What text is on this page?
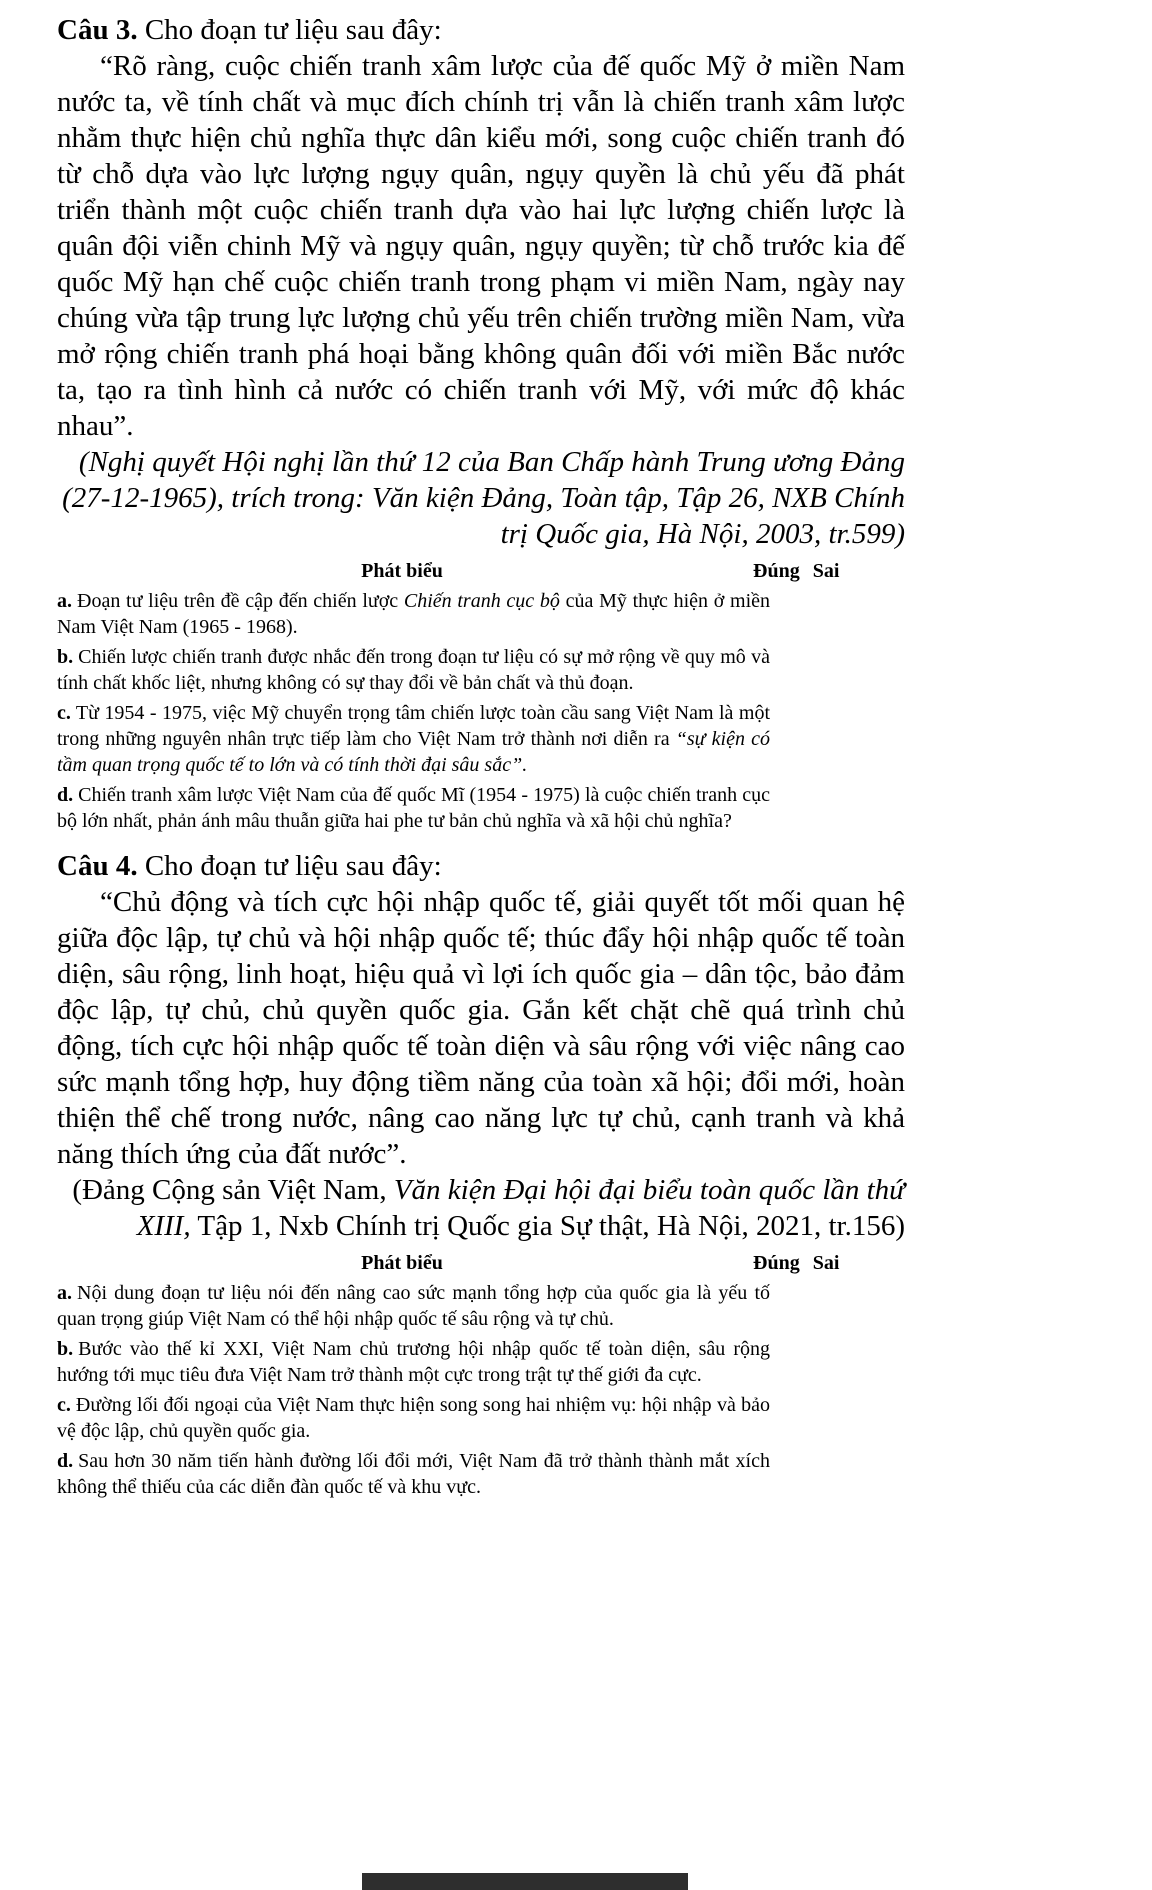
Câu 3. Cho đoạn tư liệu sau đây:

“Rõ ràng, cuộc chiến tranh xâm lược của đế quốc Mỹ ở miền Nam nước ta, về tính chất và mục đích chính trị vẫn là chiến tranh xâm lược nhằm thực hiện chủ nghĩa thực dân kiểu mới, song cuộc chiến tranh đó từ chỗ dựa vào lực lượng ngụy quân, ngụy quyền là chủ yếu đã phát triển thành một cuộc chiến tranh dựa vào hai lực lượng chiến lược là quân đội viễn chinh Mỹ và ngụy quân, ngụy quyền; từ chỗ trước kia đế quốc Mỹ hạn chế cuộc chiến tranh trong phạm vi miền Nam, ngày nay chúng vừa tập trung lực lượng chủ yếu trên chiến trường miền Nam, vừa mở rộng chiến tranh phá hoại bằng không quân đối với miền Bắc nước ta, tạo ra tình hình cả nước có chiến tranh với Mỹ, với mức độ khác nhau”.

(Nghị quyết Hội nghị lần thứ 12 của Ban Chấp hành Trung ương Đảng (27-12-1965), trích trong: Văn kiện Đảng, Toàn tập, Tập 26, NXB Chính trị Quốc gia, Hà Nội, 2003, tr.599)

Phát biểu	Đúng Sai

a. Đoạn tư liệu trên đề cập đến chiến lược Chiến tranh cục bộ của Mỹ thực hiện ở miền Nam Việt Nam (1965 - 1968).

b. Chiến lược chiến tranh được nhắc đến trong đoạn tư liệu có sự mở rộng về quy mô và tính chất khốc liệt, nhưng không có sự thay đổi về bản chất và thủ đoạn.

c. Từ 1954 - 1975, việc Mỹ chuyển trọng tâm chiến lược toàn cầu sang Việt Nam là một trong những nguyên nhân trực tiếp làm cho Việt Nam trở thành nơi diễn ra “sự kiện có tầm quan trọng quốc tế to lớn và có tính thời đại sâu sắc”.

d. Chiến tranh xâm lược Việt Nam của đế quốc Mĩ (1954 - 1975) là cuộc chiến tranh cục bộ lớn nhất, phản ánh mâu thuẫn giữa hai phe tư bản chủ nghĩa và xã hội chủ nghĩa?

Câu 4. Cho đoạn tư liệu sau đây:

“Chủ động và tích cực hội nhập quốc tế, giải quyết tốt mối quan hệ giữa độc lập, tự chủ và hội nhập quốc tế; thúc đẩy hội nhập quốc tế toàn diện, sâu rộng, linh hoạt, hiệu quả vì lợi ích quốc gia – dân tộc, bảo đảm độc lập, tự chủ, chủ quyền quốc gia. Gắn kết chặt chẽ quá trình chủ động, tích cực hội nhập quốc tế toàn diện và sâu rộng với việc nâng cao sức mạnh tổng hợp, huy động tiềm năng của toàn xã hội; đổi mới, hoàn thiện thể chế trong nước, nâng cao năng lực tự chủ, cạnh tranh và khả năng thích ứng của đất nước”.

(Đảng Cộng sản Việt Nam, Văn kiện Đại hội đại biểu toàn quốc lần thứ XIII, Tập 1, Nxb Chính trị Quốc gia Sự thật, Hà Nội, 2021, tr.156)

Phát biểu	Đúng Sai

a. Nội dung đoạn tư liệu nói đến nâng cao sức mạnh tổng hợp của quốc gia là yếu tố quan trọng giúp Việt Nam có thể hội nhập quốc tế sâu rộng và tự chủ.

b. Bước vào thế kỉ XXI, Việt Nam chủ trương hội nhập quốc tế toàn diện, sâu rộng hướng tới mục tiêu đưa Việt Nam trở thành một cực trong trật tự thế giới đa cực.

c. Đường lối đối ngoại của Việt Nam thực hiện song song hai nhiệm vụ: hội nhập và bảo vệ độc lập, chủ quyền quốc gia.

d. Sau hơn 30 năm tiến hành đường lối đổi mới, Việt Nam đã trở thành thành mắt xích không thể thiếu của các diễn đàn quốc tế và khu vực.
